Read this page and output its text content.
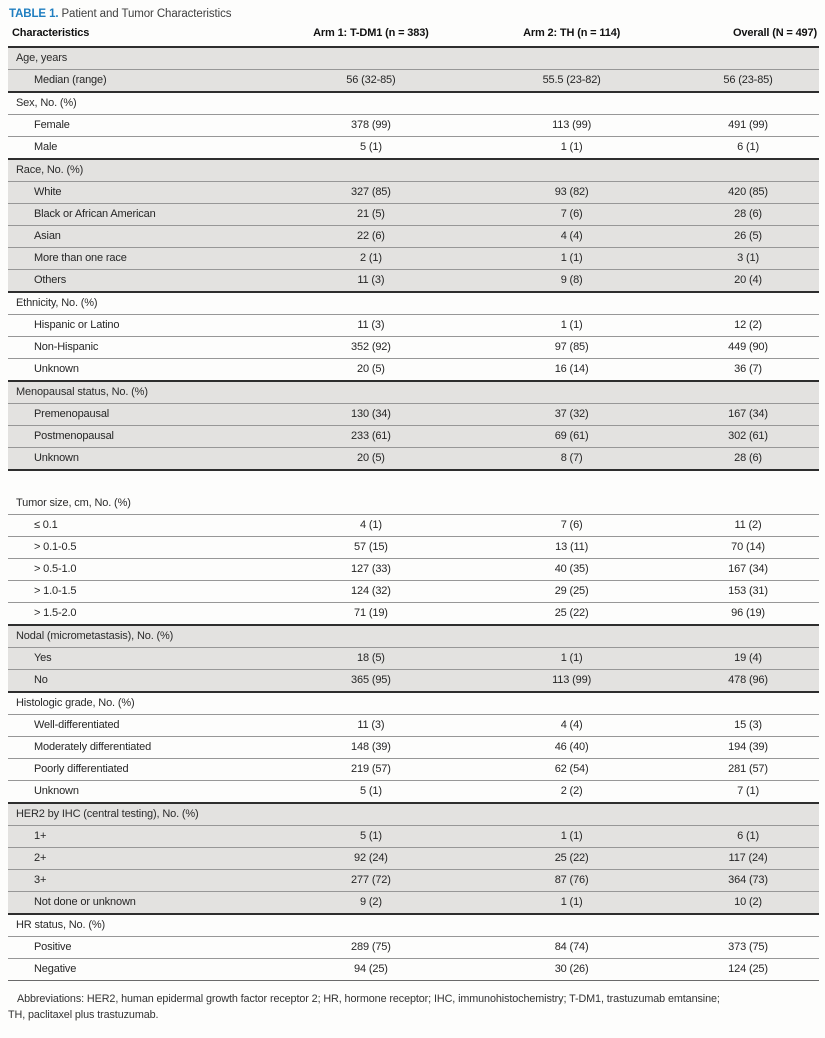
TABLE 1. Patient and Tumor Characteristics
Characteristics	Arm 1: T-DM1 (n = 383)	Arm 2: TH (n = 114)	Overall (N = 497)
Age, years			
Median (range)	56 (32-85)	55.5 (23-82)	56 (23-85)
Sex, No. (%)			
Female	378 (99)	113 (99)	491 (99)
Male	5 (1)	1 (1)	6 (1)
Race, No. (%)			
White	327 (85)	93 (82)	420 (85)
Black or African American	21 (5)	7 (6)	28 (6)
Asian	22 (6)	4 (4)	26 (5)
More than one race	2 (1)	1 (1)	3 (1)
Others	11 (3)	9 (8)	20 (4)
Ethnicity, No. (%)			
Hispanic or Latino	11 (3)	1 (1)	12 (2)
Non-Hispanic	352 (92)	97 (85)	449 (90)
Unknown	20 (5)	16 (14)	36 (7)
Menopausal status, No. (%)			
Premenopausal	130 (34)	37 (32)	167 (34)
Postmenopausal	233 (61)	69 (61)	302 (61)
Unknown	20 (5)	8 (7)	28 (6)

Tumor size, cm, No. (%)			
≤ 0.1	4 (1)	7 (6)	11 (2)
> 0.1-0.5	57 (15)	13 (11)	70 (14)
> 0.5-1.0	127 (33)	40 (35)	167 (34)
> 1.0-1.5	124 (32)	29 (25)	153 (31)
> 1.5-2.0	71 (19)	25 (22)	96 (19)
Nodal (micrometastasis), No. (%)			
Yes	18 (5)	1 (1)	19 (4)
No	365 (95)	113 (99)	478 (96)
Histologic grade, No. (%)			
Well-differentiated	11 (3)	4 (4)	15 (3)
Moderately differentiated	148 (39)	46 (40)	194 (39)
Poorly differentiated	219 (57)	62 (54)	281 (57)
Unknown	5 (1)	2 (2)	7 (1)
HER2 by IHC (central testing), No. (%)			
1+	5 (1)	1 (1)	6 (1)
2+	92 (24)	25 (22)	117 (24)
3+	277 (72)	87 (76)	364 (73)
Not done or unknown	9 (2)	1 (1)	10 (2)
HR status, No. (%)			
Positive	289 (75)	84 (74)	373 (75)
Negative	94 (25)	30 (26)	124 (25)
Abbreviations: HER2, human epidermal growth factor receptor 2; HR, hormone receptor; IHC, immunohistochemistry; T-DM1, trastuzumab emtansine;
TH, paclitaxel plus trastuzumab.
